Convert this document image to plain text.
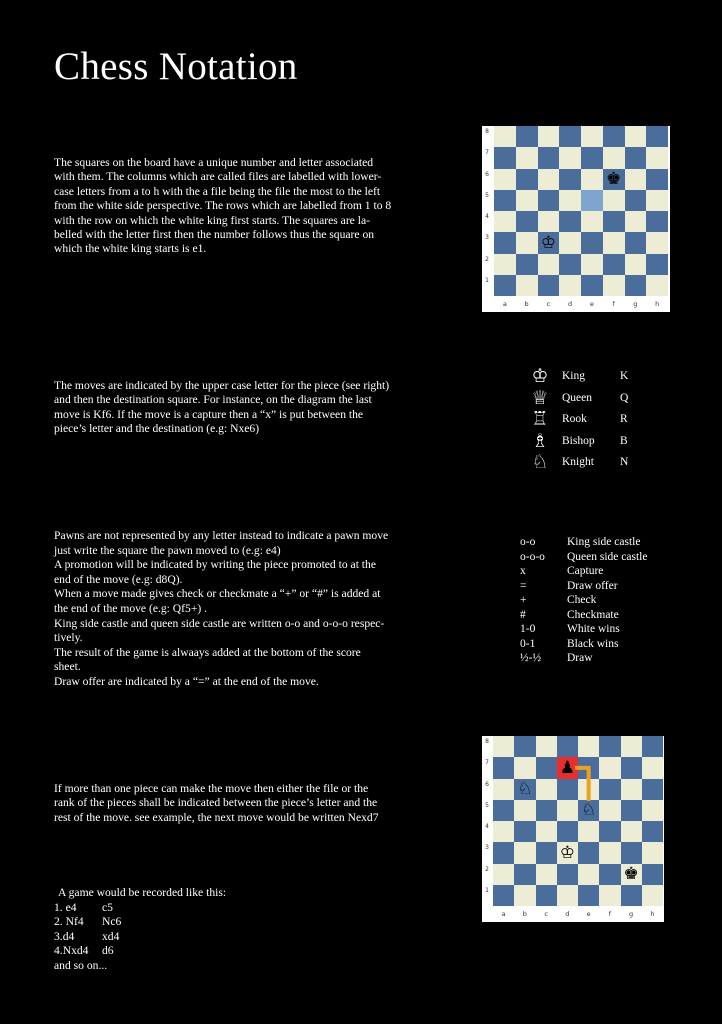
Chess Notation
The squares on the board have a unique number and letter associated
with them. The columns which are called files are labelled with lower-
case letters from a to h with the a file being the file the most to the left
from the white side perspective. The rows which are labelled from 1 to 8
with the row on which the white king first starts. The squares are la-
belled with the letter first then the number follows thus the square on
which the white king starts is e1.
♚
♔
8
7
6
5
4
3
2
1
a	b	c	d	e	f	g	h
The moves are indicated by the upper case letter for the piece (see right)
and then the destination square. For instance, on the diagram the last
move is Kf6. If the move is a capture then a “x” is put between the
piece’s letter and the destination (e.g: Nxe6)
♔	King	K
♕	Queen Q
♖	Rook	R
♗	Bishop B
♘	Knight N
Pawns are not represented by any letter instead to indicate a pawn move
just write the square the pawn moved to (e.g: e4)
A promotion will be indicated by writing the piece promoted to at the
end of the move (e.g: d8Q).
When a move made gives check or checkmate a “+” or “#” is added at
the end of the move (e.g: Qf5+) .
King side castle and queen side castle are written o-o and o-o-o respec-
tively.
The result of the game is alwaays added at the bottom of the score
sheet.
Draw offer are indicated by a “=” at the end of the move.
o-o	King side castle
o-o-o Queen side castle
x	Capture
=	Draw offer
+	Check
#	Checkmate
1-0	White wins
0-1	Black wins
½-½ Draw
If more than one piece can make the move then either the file or the
rank of the pieces shall be indicated between the piece’s letter and the
rest of the move. see example, the next move would be written Nexd7
♟
♘
♘
♔
♚
8
7
6
5
4
3
2
1
a	b	c	d	e	f	g	h
A game would be recorded like this:
1. e4 c5
2. Nf4 Nc6
3.d4 xd4
4.Nxd4 d6
and so on...
